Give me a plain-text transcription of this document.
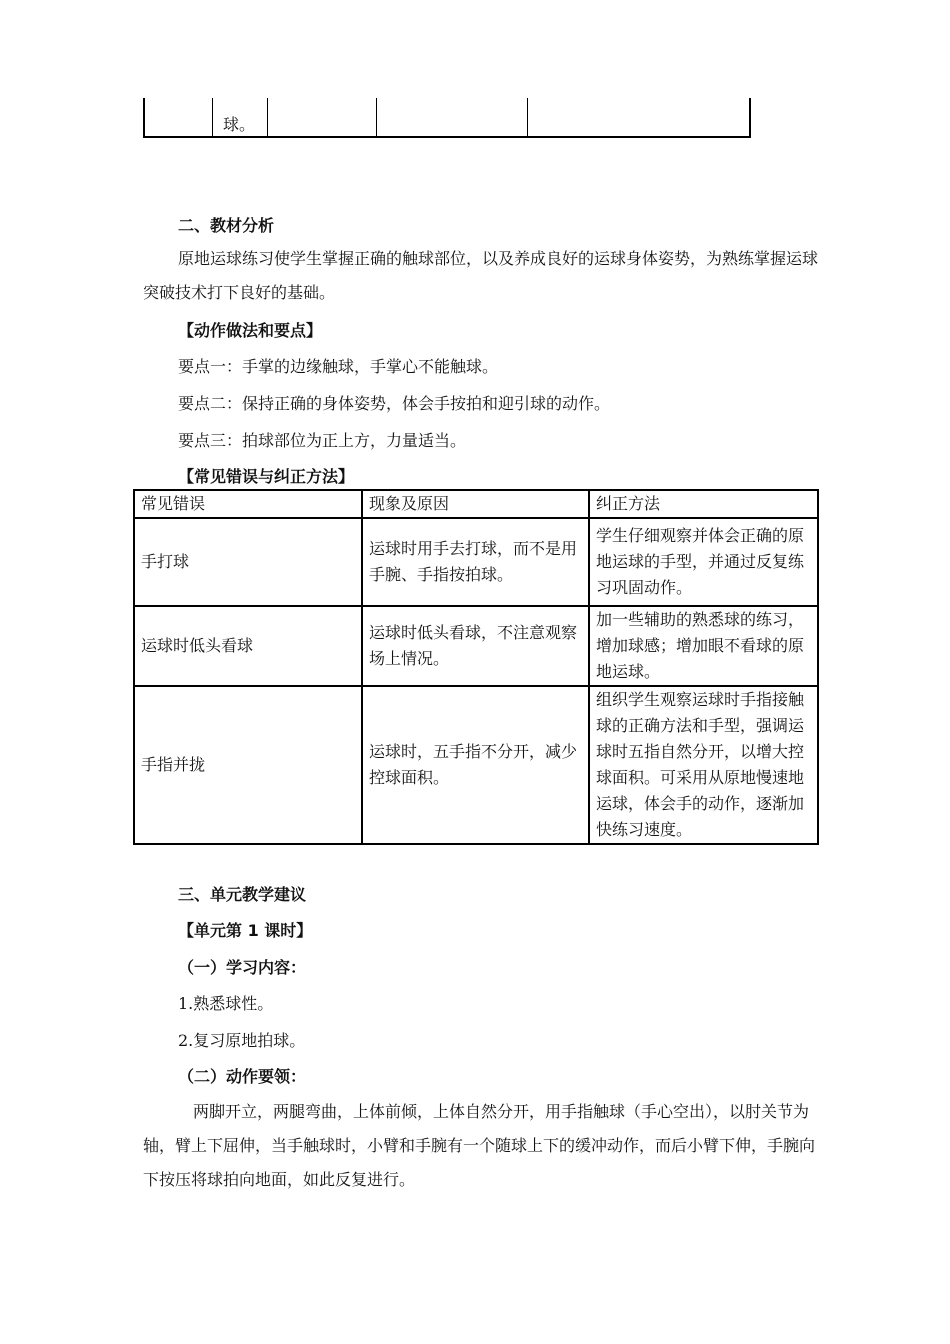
球。
二、教材分析
原地运球练习使学生掌握正确的触球部位，以及养成良好的运球身体姿势，为熟练掌握运球突破技术打下良好的基础。
【动作做法和要点】
要点一：手掌的边缘触球，手掌心不能触球。
要点二：保持正确的身体姿势，体会手按拍和迎引球的动作。
要点三：拍球部位为正上方，力量适当。
【常见错误与纠正方法】
常见错误	现象及原因	纠正方法
手打球	运球时用手去打球，而不是用手腕、手指按拍球。	学生仔细观察并体会正确的原地运球的手型，并通过反复练习巩固动作。
运球时低头看球	运球时低头看球，不注意观察场上情况。	加一些辅助的熟悉球的练习，增加球感；增加眼不看球的原地运球。
手指并拢	运球时，五手指不分开，减少控球面积。	组织学生观察运球时手指接触球的正确方法和手型，强调运球时五指自然分开，以增大控球面积。可采用从原地慢速地运球，体会手的动作，逐渐加快练习速度。
三、单元教学建议
【单元第 1 课时】
（一）学习内容：
1.熟悉球性。
2.复习原地拍球。
（二）动作要领：
两脚开立，两腿弯曲，上体前倾，上体自然分开，用手指触球（手心空出），以肘关节为轴，臂上下屈伸，当手触球时，小臂和手腕有一个随球上下的缓冲动作，而后小臂下伸，手腕向下按压将球拍向地面，如此反复进行。
